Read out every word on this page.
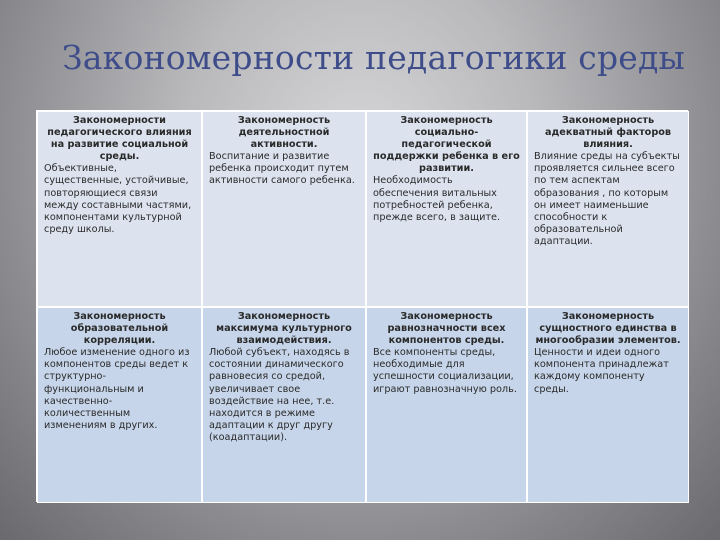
Закономерности педагогики среды
Закономерности педагогического влияния на развитие социальной среды.
Объективные, существенные, устойчивые, повторяющиеся связи между составными частями, компонентами культурной среду школы.
Закономерность деятельностной активности.
Воспитание и развитие ребенка происходит путем активности самого ребенка.
Закономерность социально-педагогической поддержки ребенка в его развитии.
Необходимость обеспечения витальных потребностей ребенка, прежде всего, в защите.
Закономерность адекватный факторов влияния.
Влияние среды на субъекты проявляется сильнее всего по тем аспектам образования , по которым он имеет наименьшие способности к образовательной адаптации.
Закономерность образовательной корреляции.
Любое изменение одного из компонентов среды ведет к структурно-функциональным и качественно-количественным изменениям в других.
Закономерность максимума культурного взаимодействия.
Любой субъект, находясь в состоянии динамического равновесия со средой, увеличивает свое воздействие на нее, т.е. находится в режиме адаптации к друг другу (коадаптации).
Закономерность равнозначности всех компонентов среды.
Все компоненты среды, необходимые для успешности социализации, играют равнозначную роль.
Закономерность сущностного единства в многообразии элементов.
Ценности и идеи одного компонента принадлежат каждому компоненту среды.
